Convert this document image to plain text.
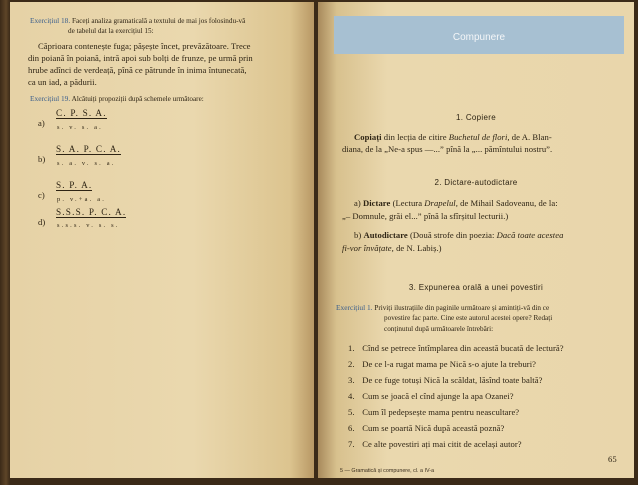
Exercițiul 18. Faceți analiza gramaticală a textului de mai jos folosindu-vă
de tabelul dat la exercițiul 15:
Căprioara contenește fuga; pășește încet, prevăzătoare. Trece
din poiană în poiană, intră apoi sub bolți de frunze, pe urmă prin
hrube adînci de verdeață, pînă ce pătrunde în inima întunecată,
ca un iad, a pădurii.
Exercițiul 19. Alcătuiți propoziții după schemele următoare:
a)
C. P. S. A.
s. v. s. a.
b)
S. A. P. C. A.
s. a. v. s. a.
c)
S. P. A.
p. v.+a. a.
d)
S.S.S. P. C. A.
s.s.s. v. s. s.
Compunere
1. Copiere
Copiați din lecția de citire Buchetul de flori, de A. Blan-
diana, de la „Ne-a spus —...” pînă la „... pămîntului nostru”.
2. Dictare-autodictare
a) Dictare (Lectura Drapelul, de Mihail Sadoveanu, de la:
„– Domnule, grăi el...” pînă la sfîrșitul lecturii.)
b) Autodictare (Două strofe din poezia: Dacă toate acestea
fi-vor învățate, de N. Labiș.)
3. Expunerea orală a unei povestiri
Exercițiul 1. Priviți ilustrațiile din paginile următoare și amintiți-vă din ce
povestire fac parte. Cine este autorul acestei opere? Redați
conținutul după următoarele întrebări:
1. Cînd se petrece întîmplarea din această bucată de lectură?
2. De ce l-a rugat mama pe Nică s-o ajute la treburi?
3. De ce fuge totuși Nică la scăldat, lăsînd toate baltă?
4. Cum se joacă el cînd ajunge la apa Ozanei?
5. Cum îl pedepsește mama pentru neascultare?
6. Cum se poartă Nică după această poznă?
7. Ce alte povestiri ați mai citit de același autor?
65
5 — Gramatică și compunere, cl. a IV-a
